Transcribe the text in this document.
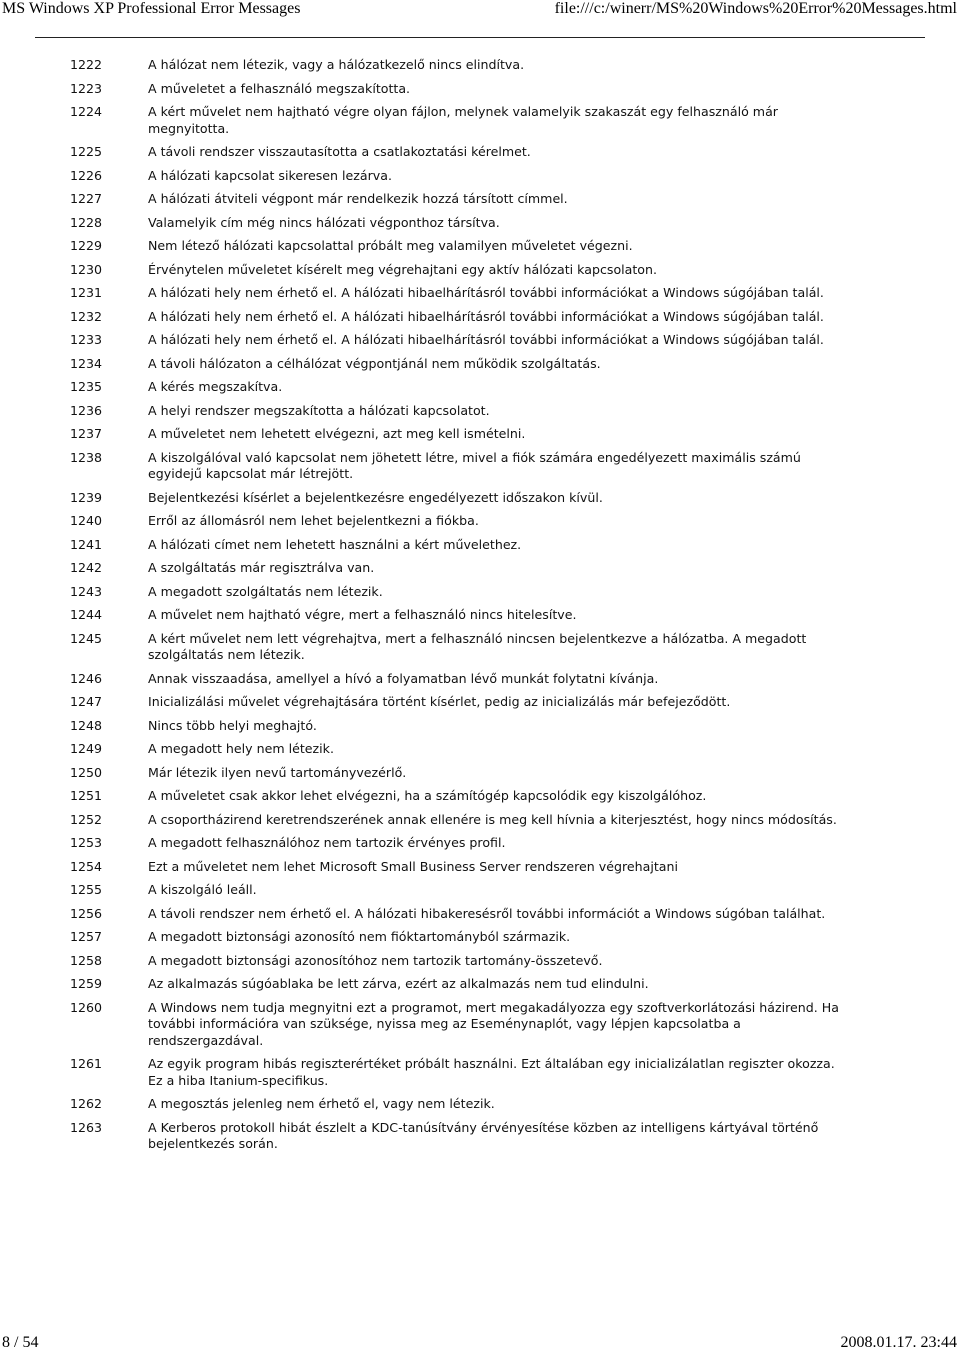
MS Windows XP Professional Error Messages	file:///c:/winerr/MS%20Windows%20Error%20Messages.html
1222	A hálózat nem létezik, vagy a hálózatkezelő nincs elindítva.
1223	A műveletet a felhasználó megszakította.
1224	A kért művelet nem hajtható végre olyan fájlon, melynek valamelyik szakaszát egy felhasználó már megnyitotta.
1225	A távoli rendszer visszautasította a csatlakoztatási kérelmet.
1226	A hálózati kapcsolat sikeresen lezárva.
1227	A hálózati átviteli végpont már rendelkezik hozzá társított címmel.
1228	Valamelyik cím még nincs hálózati végponthoz társítva.
1229	Nem létező hálózati kapcsolattal próbált meg valamilyen műveletet végezni.
1230	Érvénytelen műveletet kísérelt meg végrehajtani egy aktív hálózati kapcsolaton.
1231	A hálózati hely nem érhető el. A hálózati hibaelhárításról további információkat a Windows súgójában talál.
1232	A hálózati hely nem érhető el. A hálózati hibaelhárításról további információkat a Windows súgójában talál.
1233	A hálózati hely nem érhető el. A hálózati hibaelhárításról további információkat a Windows súgójában talál.
1234	A távoli hálózaton a célhálózat végpontjánál nem működik szolgáltatás.
1235	A kérés megszakítva.
1236	A helyi rendszer megszakította a hálózati kapcsolatot.
1237	A műveletet nem lehetett elvégezni, azt meg kell ismételni.
1238	A kiszolgálóval való kapcsolat nem jöhetett létre, mivel a fiók számára engedélyezett maximális számú egyidejű kapcsolat már létrejött.
1239	Bejelentkezési kísérlet a bejelentkezésre engedélyezett időszakon kívül.
1240	Erről az állomásról nem lehet bejelentkezni a fiókba.
1241	A hálózati címet nem lehetett használni a kért művelethez.
1242	A szolgáltatás már regisztrálva van.
1243	A megadott szolgáltatás nem létezik.
1244	A művelet nem hajtható végre, mert a felhasználó nincs hitelesítve.
1245	A kért művelet nem lett végrehajtva, mert a felhasználó nincsen bejelentkezve a hálózatba. A megadott szolgáltatás nem létezik.
1246	Annak visszaadása, amellyel a hívó a folyamatban lévő munkát folytatni kívánja.
1247	Inicializálási művelet végrehajtására történt kísérlet, pedig az inicializálás már befejeződött.
1248	Nincs több helyi meghajtó.
1249	A megadott hely nem létezik.
1250	Már létezik ilyen nevű tartományvezérlő.
1251	A műveletet csak akkor lehet elvégezni, ha a számítógép kapcsolódik egy kiszolgálóhoz.
1252	A csoportházirend keretrendszerének annak ellenére is meg kell hívnia a kiterjesztést, hogy nincs módosítás.
1253	A megadott felhasználóhoz nem tartozik érvényes profil.
1254	Ezt a műveletet nem lehet Microsoft Small Business Server rendszeren végrehajtani
1255	A kiszolgáló leáll.
1256	A távoli rendszer nem érhető el. A hálózati hibakeresésről további információt a Windows súgóban találhat.
1257	A megadott biztonsági azonosító nem fióktartományból származik.
1258	A megadott biztonsági azonosítóhoz nem tartozik tartomány-összetevő.
1259	Az alkalmazás súgóablaka be lett zárva, ezért az alkalmazás nem tud elindulni.
1260	A Windows nem tudja megnyitni ezt a programot, mert megakadályozza egy szoftverkorlátozási házirend. Ha további információra van szüksége, nyissa meg az Eseménynaplót, vagy lépjen kapcsolatba a rendszergazdával.
1261	Az egyik program hibás regiszterértéket próbált használni. Ezt általában egy inicializálatlan regiszter okozza. Ez a hiba Itanium-specifikus.
1262	A megosztás jelenleg nem érhető el, vagy nem létezik.
1263	A Kerberos protokoll hibát észlelt a KDC-tanúsítvány érvényesítése közben az intelligens kártyával történő bejelentkezés során.
8 / 54	2008.01.17. 23:44
